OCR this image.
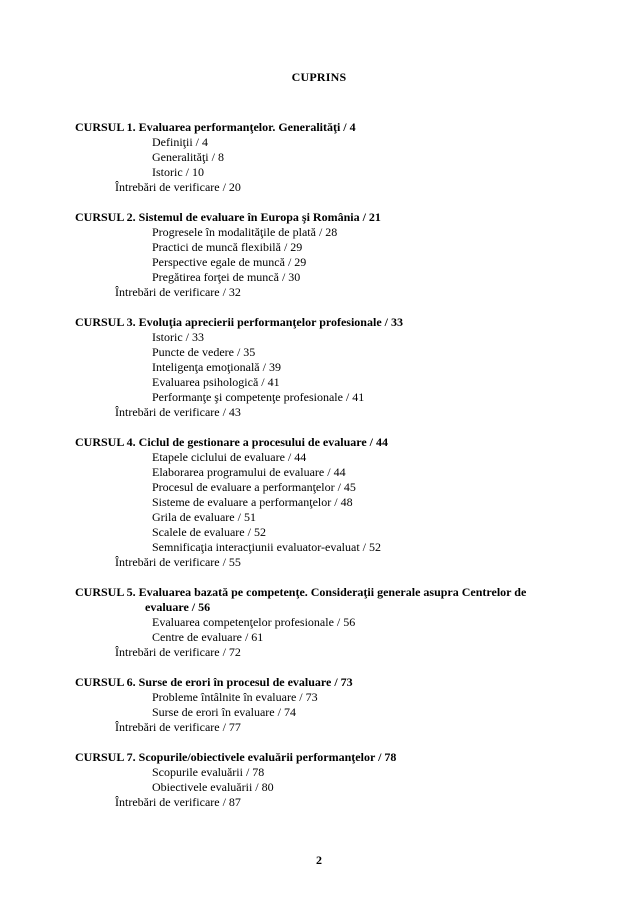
CUPRINS
CURSUL 1. Evaluarea performanţelor. Generalităţi / 4
Definiţii / 4
Generalităţi / 8
Istoric / 10
Întrebări de verificare / 20
CURSUL 2. Sistemul de evaluare în Europa şi România / 21
Progresele în modalităţile de plată / 28
Practici de muncă flexibilă / 29
Perspective egale de muncă / 29
Pregătirea forţei de muncă / 30
Întrebări de verificare / 32
CURSUL 3. Evoluţia aprecierii performanţelor profesionale / 33
Istoric / 33
Puncte de vedere / 35
Inteligenţa emoţională / 39
Evaluarea psihologică / 41
Performanţe şi competenţe profesionale / 41
Întrebări de verificare / 43
CURSUL 4. Ciclul de gestionare a procesului de evaluare / 44
Etapele ciclului de evaluare / 44
Elaborarea programului de evaluare / 44
Procesul de evaluare a performanţelor / 45
Sisteme de evaluare a performanţelor / 48
Grila de evaluare / 51
Scalele de evaluare / 52
Semnificaţia interacţiunii evaluator-evaluat / 52
Întrebări de verificare / 55
CURSUL 5. Evaluarea bazată pe competenţe. Consideraţii generale asupra Centrelor de
evaluare / 56
Evaluarea competenţelor profesionale / 56
Centre de evaluare / 61
Întrebări de verificare / 72
CURSUL 6. Surse de erori în procesul de evaluare / 73
Probleme întâlnite în evaluare / 73
Surse de erori în evaluare / 74
Întrebări de verificare / 77
CURSUL 7. Scopurile/obiectivele evaluării performanţelor / 78
Scopurile evaluării / 78
Obiectivele evaluării / 80
Întrebări de verificare / 87
2
